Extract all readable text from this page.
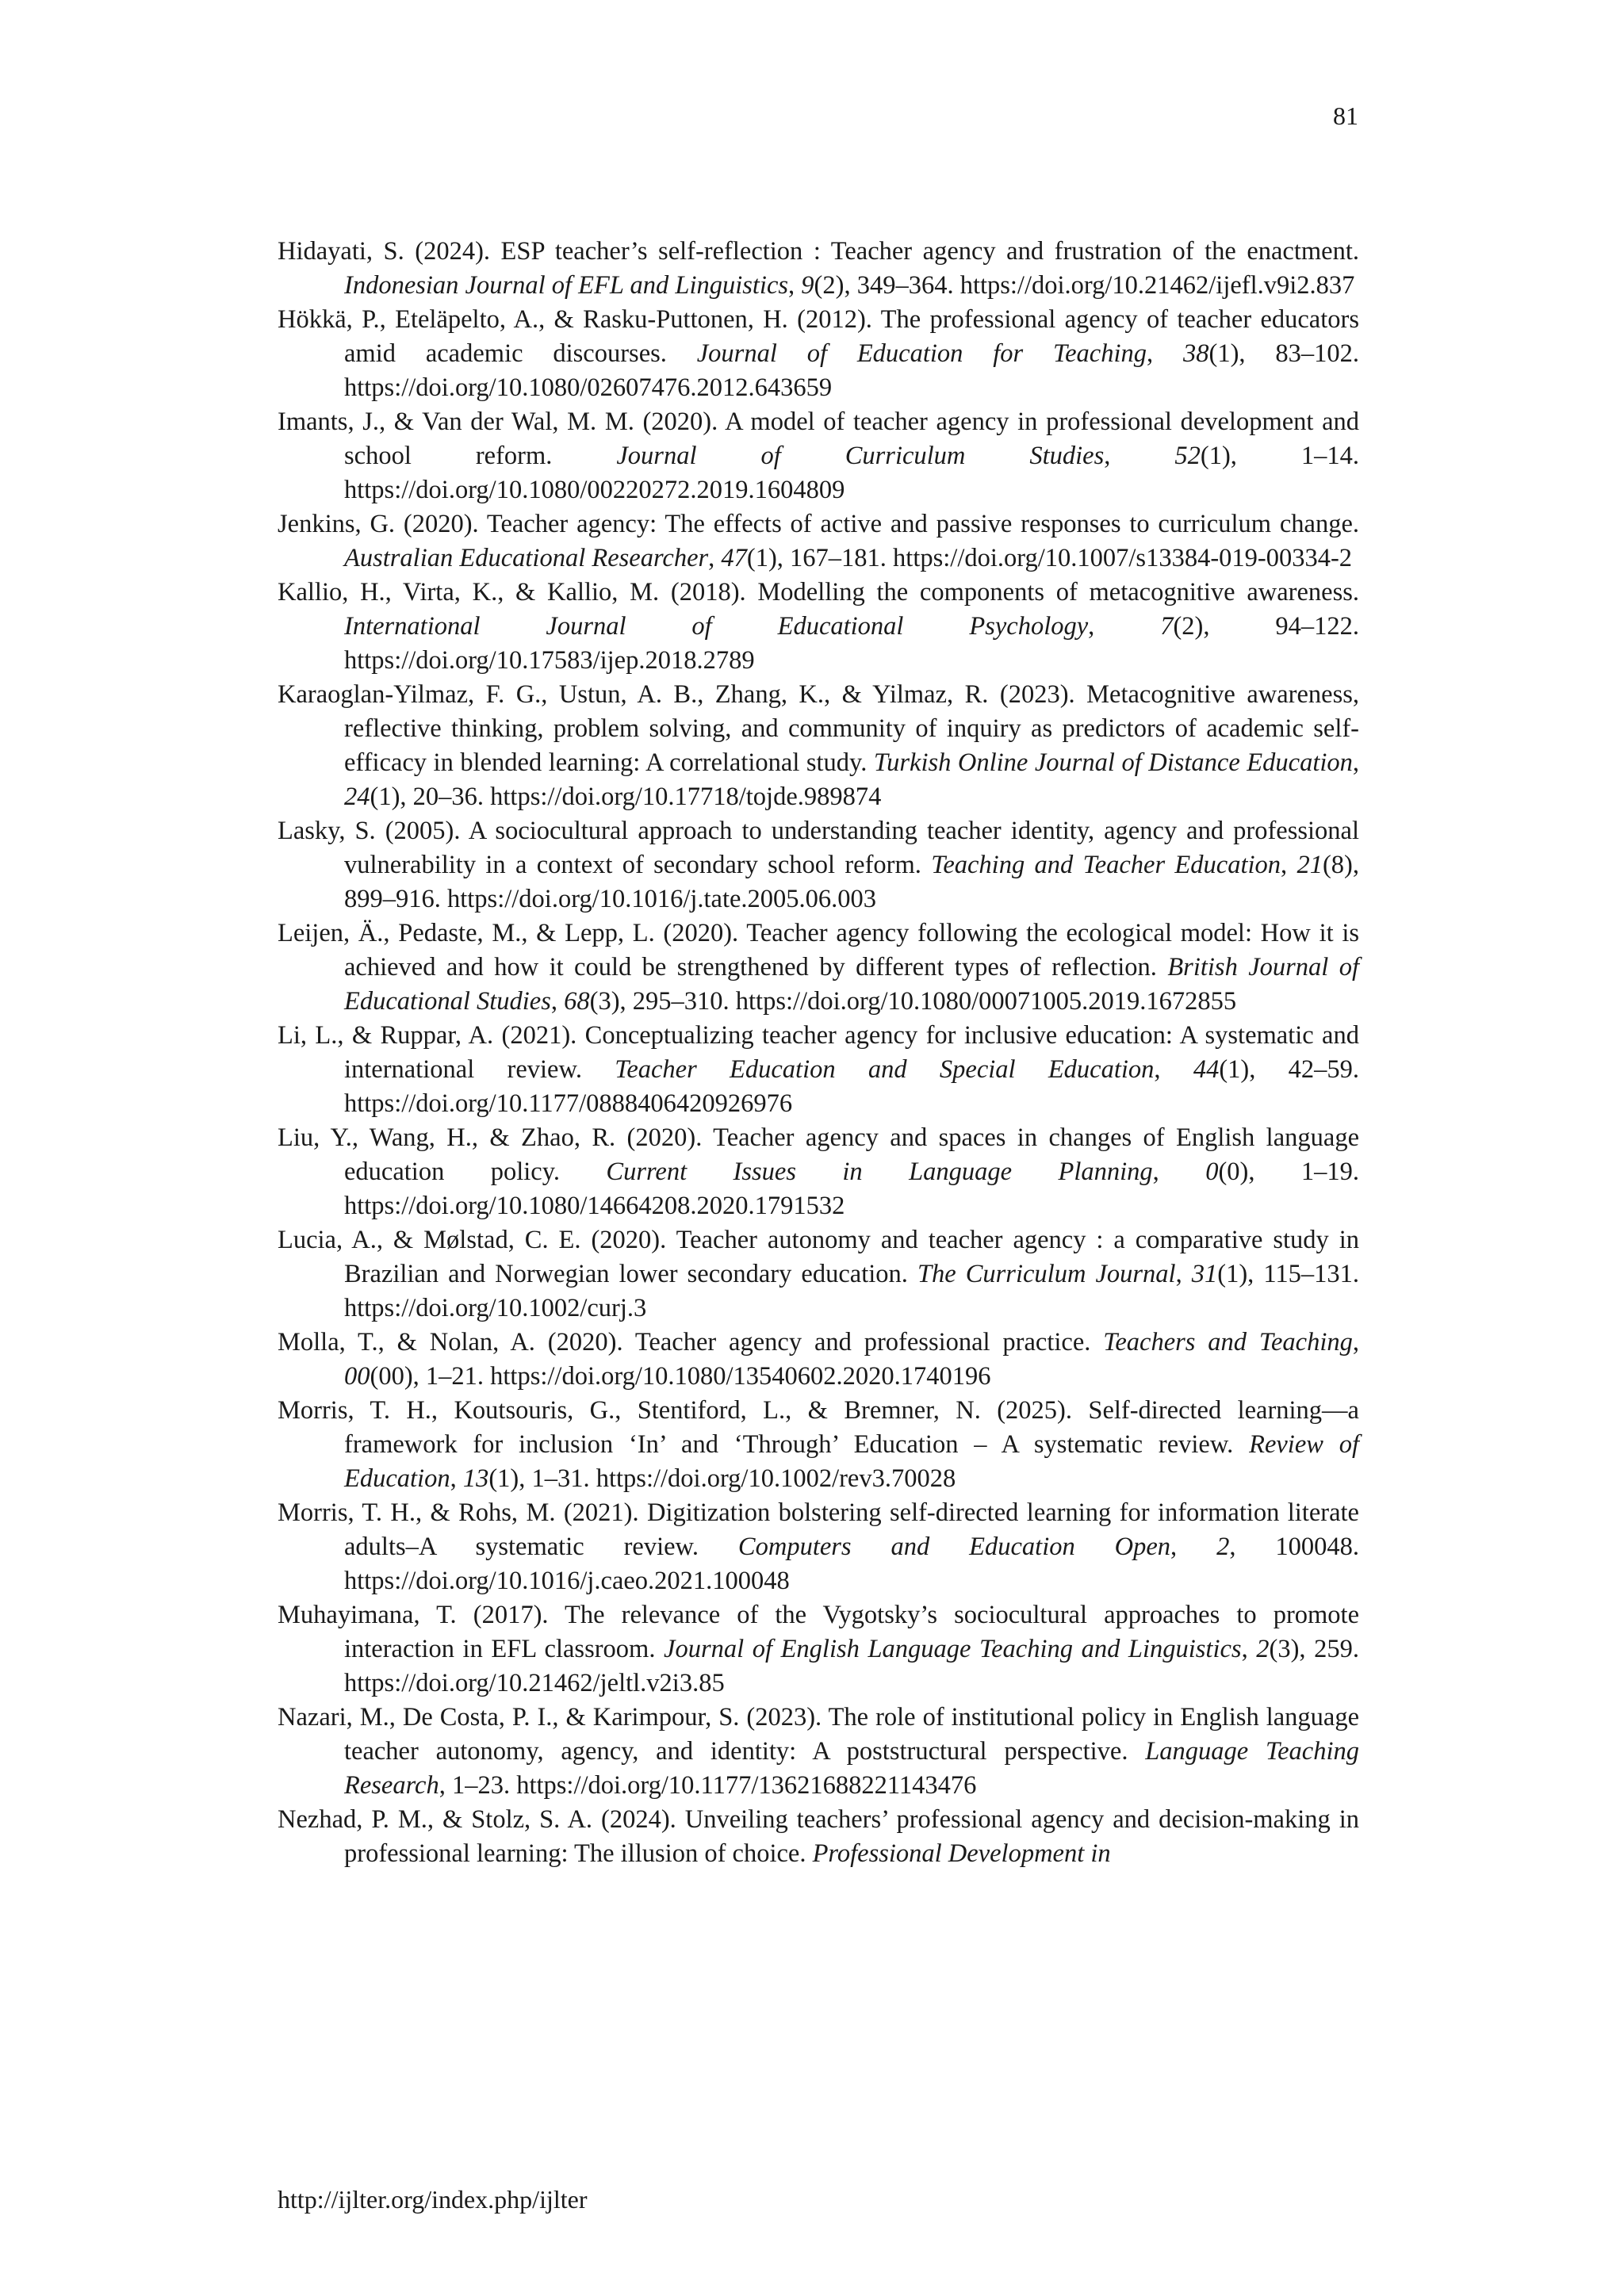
81
Hidayati, S. (2024). ESP teacher’s self-reflection : Teacher agency and frustration of the enactment. Indonesian Journal of EFL and Linguistics, 9(2), 349–364. https://doi.org/10.21462/ijefl.v9i2.837
Hökkä, P., Eteläpelto, A., & Rasku-Puttonen, H. (2012). The professional agency of teacher educators amid academic discourses. Journal of Education for Teaching, 38(1), 83–102. https://doi.org/10.1080/02607476.2012.643659
Imants, J., & Van der Wal, M. M. (2020). A model of teacher agency in professional development and school reform. Journal of Curriculum Studies, 52(1), 1–14. https://doi.org/10.1080/00220272.2019.1604809
Jenkins, G. (2020). Teacher agency: The effects of active and passive responses to curriculum change. Australian Educational Researcher, 47(1), 167–181. https://doi.org/10.1007/s13384-019-00334-2
Kallio, H., Virta, K., & Kallio, M. (2018). Modelling the components of metacognitive awareness. International Journal of Educational Psychology, 7(2), 94–122. https://doi.org/10.17583/ijep.2018.2789
Karaoglan-Yilmaz, F. G., Ustun, A. B., Zhang, K., & Yilmaz, R. (2023). Metacognitive awareness, reflective thinking, problem solving, and community of inquiry as predictors of academic self-efficacy in blended learning: A correlational study. Turkish Online Journal of Distance Education, 24(1), 20–36. https://doi.org/10.17718/tojde.989874
Lasky, S. (2005). A sociocultural approach to understanding teacher identity, agency and professional vulnerability in a context of secondary school reform. Teaching and Teacher Education, 21(8), 899–916. https://doi.org/10.1016/j.tate.2005.06.003
Leijen, Ä., Pedaste, M., & Lepp, L. (2020). Teacher agency following the ecological model: How it is achieved and how it could be strengthened by different types of reflection. British Journal of Educational Studies, 68(3), 295–310. https://doi.org/10.1080/00071005.2019.1672855
Li, L., & Ruppar, A. (2021). Conceptualizing teacher agency for inclusive education: A systematic and international review. Teacher Education and Special Education, 44(1), 42–59. https://doi.org/10.1177/0888406420926976
Liu, Y., Wang, H., & Zhao, R. (2020). Teacher agency and spaces in changes of English language education policy. Current Issues in Language Planning, 0(0), 1–19. https://doi.org/10.1080/14664208.2020.1791532
Lucia, A., & Mølstad, C. E. (2020). Teacher autonomy and teacher agency : a comparative study in Brazilian and Norwegian lower secondary education. The Curriculum Journal, 31(1), 115–131. https://doi.org/10.1002/curj.3
Molla, T., & Nolan, A. (2020). Teacher agency and professional practice. Teachers and Teaching, 00(00), 1–21. https://doi.org/10.1080/13540602.2020.1740196
Morris, T. H., Koutsouris, G., Stentiford, L., & Bremner, N. (2025). Self-directed learning—a framework for inclusion ‘In’ and ‘Through’ Education – A systematic review. Review of Education, 13(1), 1–31. https://doi.org/10.1002/rev3.70028
Morris, T. H., & Rohs, M. (2021). Digitization bolstering self-directed learning for information literate adults–A systematic review. Computers and Education Open, 2, 100048. https://doi.org/10.1016/j.caeo.2021.100048
Muhayimana, T. (2017). The relevance of the Vygotsky’s sociocultural approaches to promote interaction in EFL classroom. Journal of English Language Teaching and Linguistics, 2(3), 259. https://doi.org/10.21462/jeltl.v2i3.85
Nazari, M., De Costa, P. I., & Karimpour, S. (2023). The role of institutional policy in English language teacher autonomy, agency, and identity: A poststructural perspective. Language Teaching Research, 1–23. https://doi.org/10.1177/13621688221143476
Nezhad, P. M., & Stolz, S. A. (2024). Unveiling teachers’ professional agency and decision-making in professional learning: The illusion of choice. Professional Development in
http://ijlter.org/index.php/ijlter
